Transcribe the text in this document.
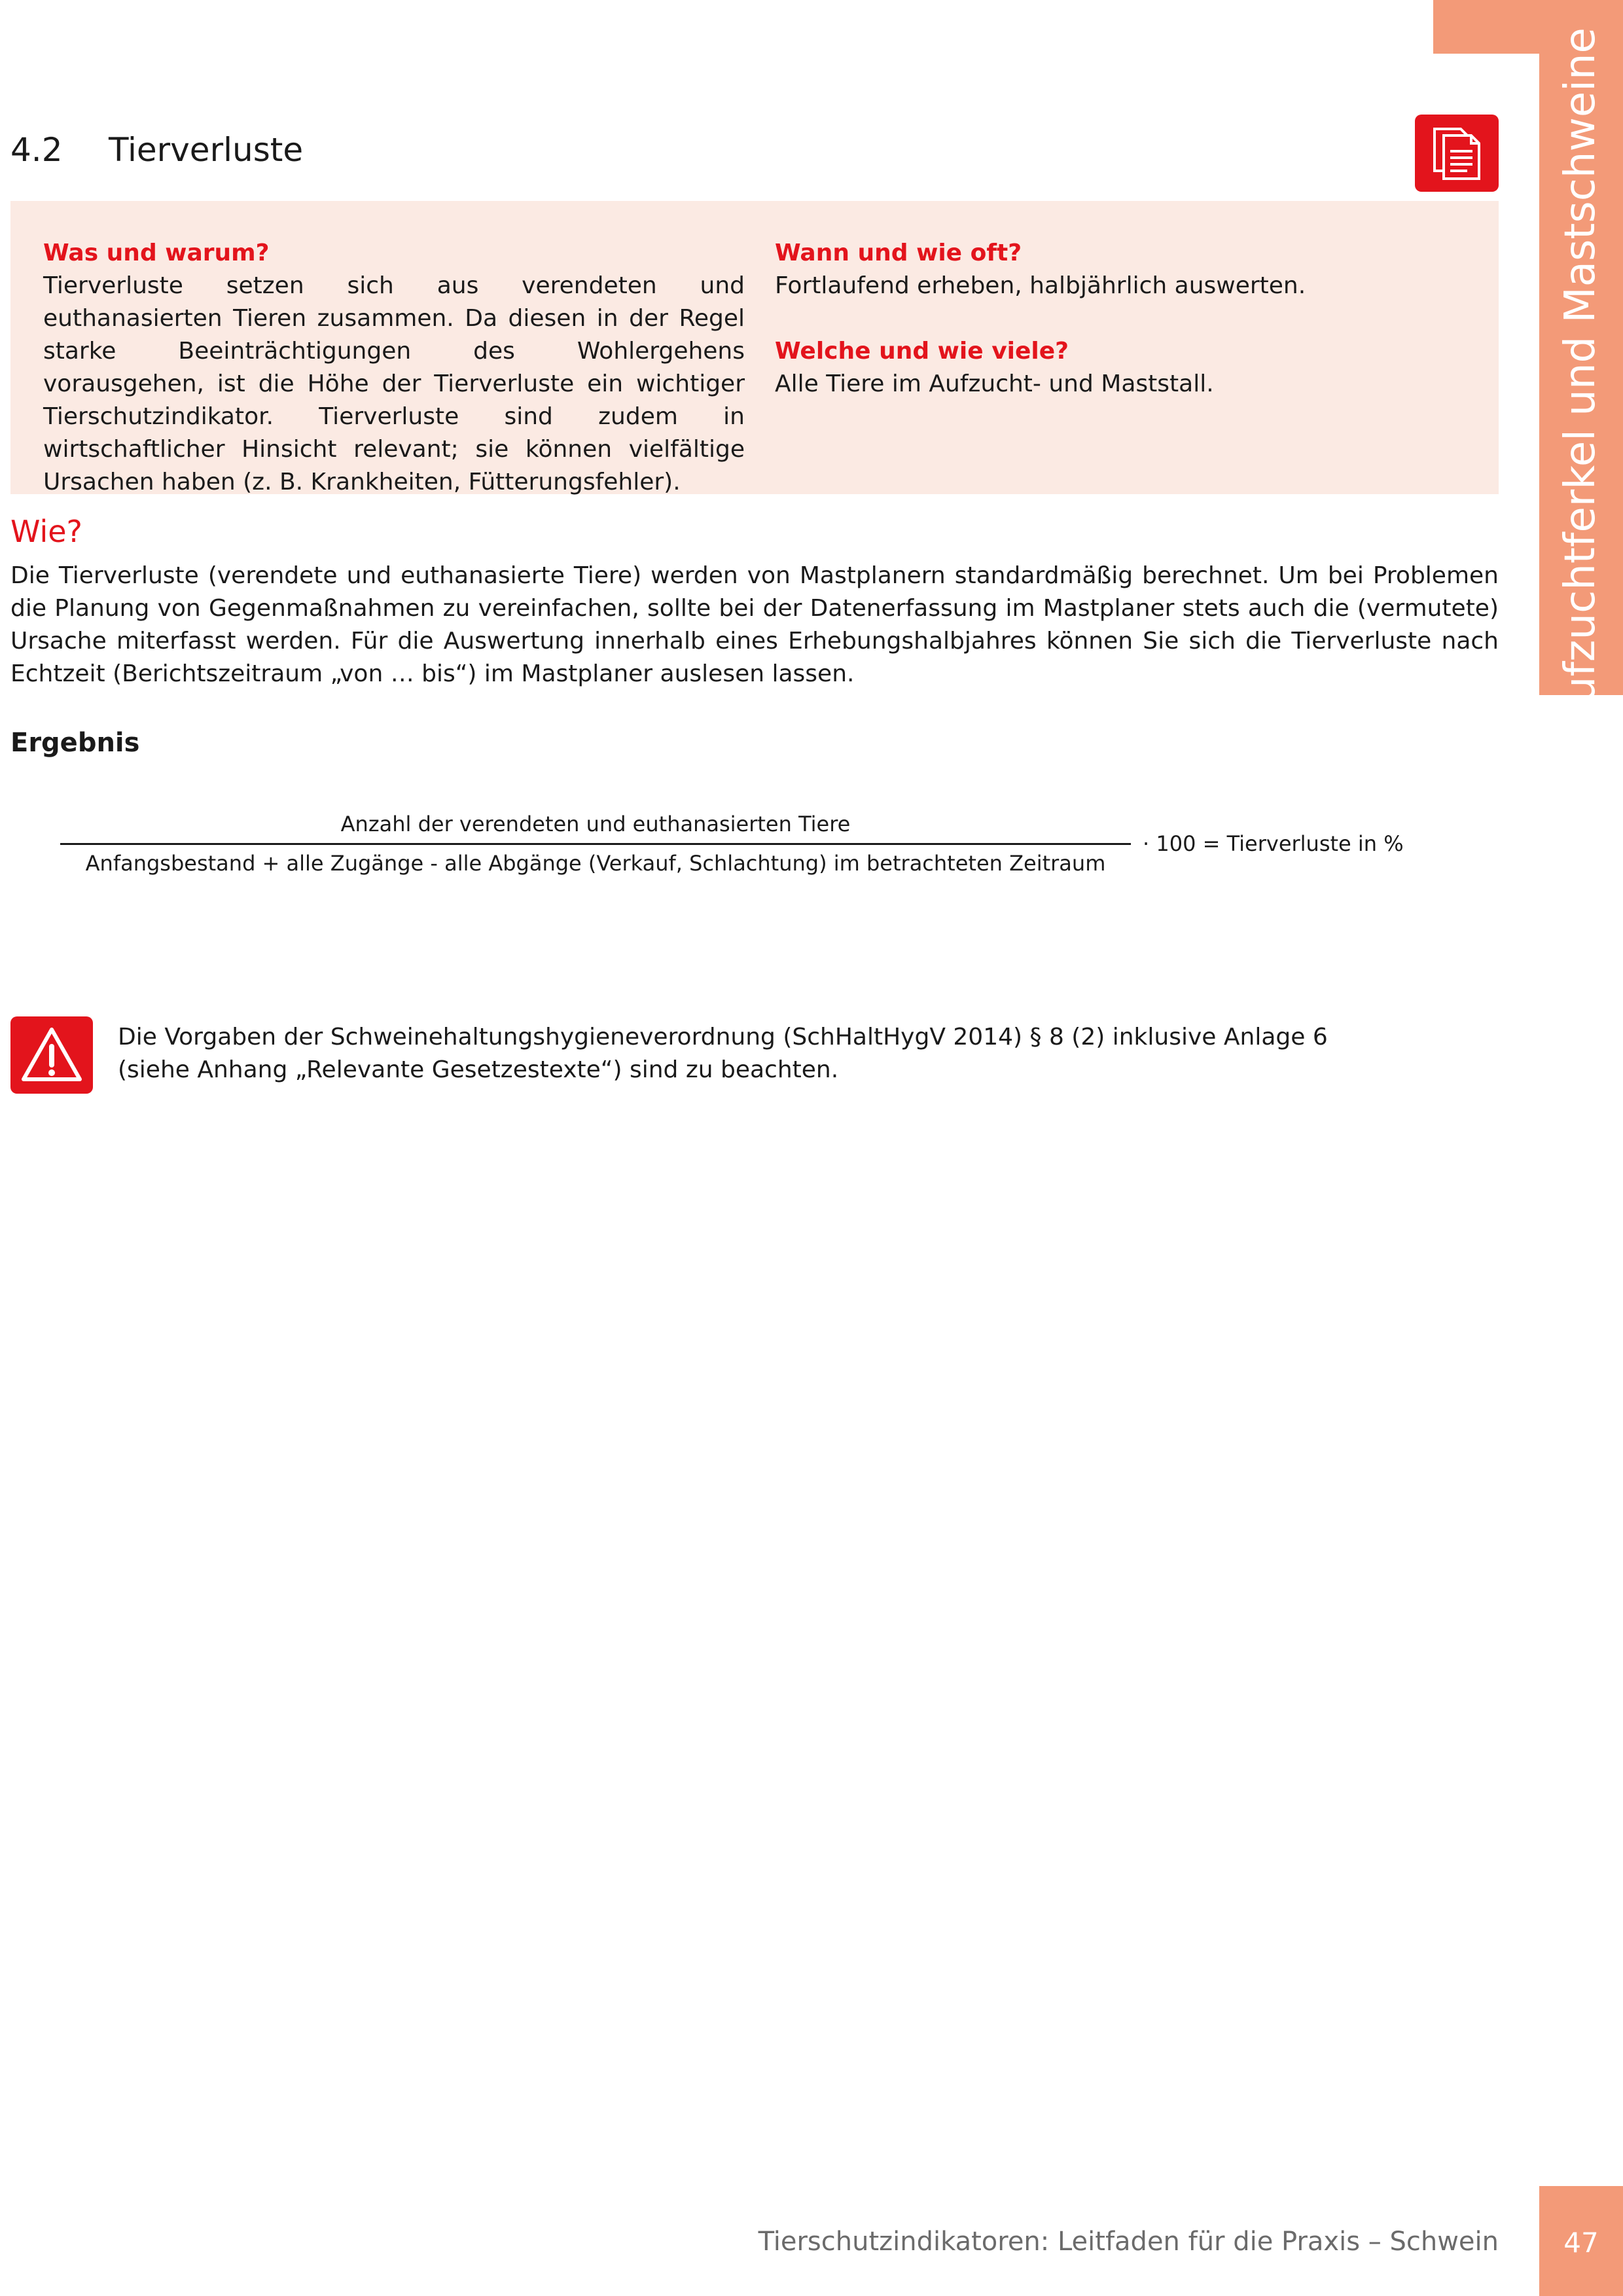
Aufzuchtferkel und Mastschweine
4.2 Tierverluste
Was und warum?

Tierverluste setzen sich aus verendeten und euthanasierten Tieren zusammen. Da diesen in der Regel starke Beeinträchtigungen des Wohlergehens vorausgehen, ist die Höhe der Tierverluste ein wichtiger Tierschutzindikator. Tierverluste sind zudem in wirtschaftlicher Hinsicht relevant; sie können vielfältige Ursachen haben (z. B. Krankheiten, Fütterungsfehler).

Wann und wie oft?

Fortlaufend erheben, halbjährlich auswerten.

Welche und wie viele?

Alle Tiere im Aufzucht- und Maststall.

Wie?

Die Tierverluste (verendete und euthanasierte Tiere) werden von Mastplanern standardmäßig berechnet. Um bei Problemen die Planung von Gegenmaßnahmen zu vereinfachen, sollte bei der Datenerfassung im Mastplaner stets auch die (vermutete) Ursache miterfasst werden. Für die Auswertung innerhalb eines Erhebungshalbjahres können Sie sich die Tierverluste nach Echtzeit (Berichtszeitraum „von … bis“) im Mastplaner auslesen lassen.

Ergebnis
Anzahl der verendeten und euthanasierten Tiere
Anfangsbestand + alle Zugänge - alle Abgänge (Verkauf, Schlachtung) im betrachteten Zeitraum
· 100 = Tierverluste in %
Die Vorgaben der Schweinehaltungshygieneverordnung (SchHaltHygV 2014) § 8 (2) inklusive Anlage 6
(siehe Anhang „Relevante Gesetzestexte“) sind zu beachten.
Tierschutzindikatoren: Leitfaden für die Praxis – Schwein	47
